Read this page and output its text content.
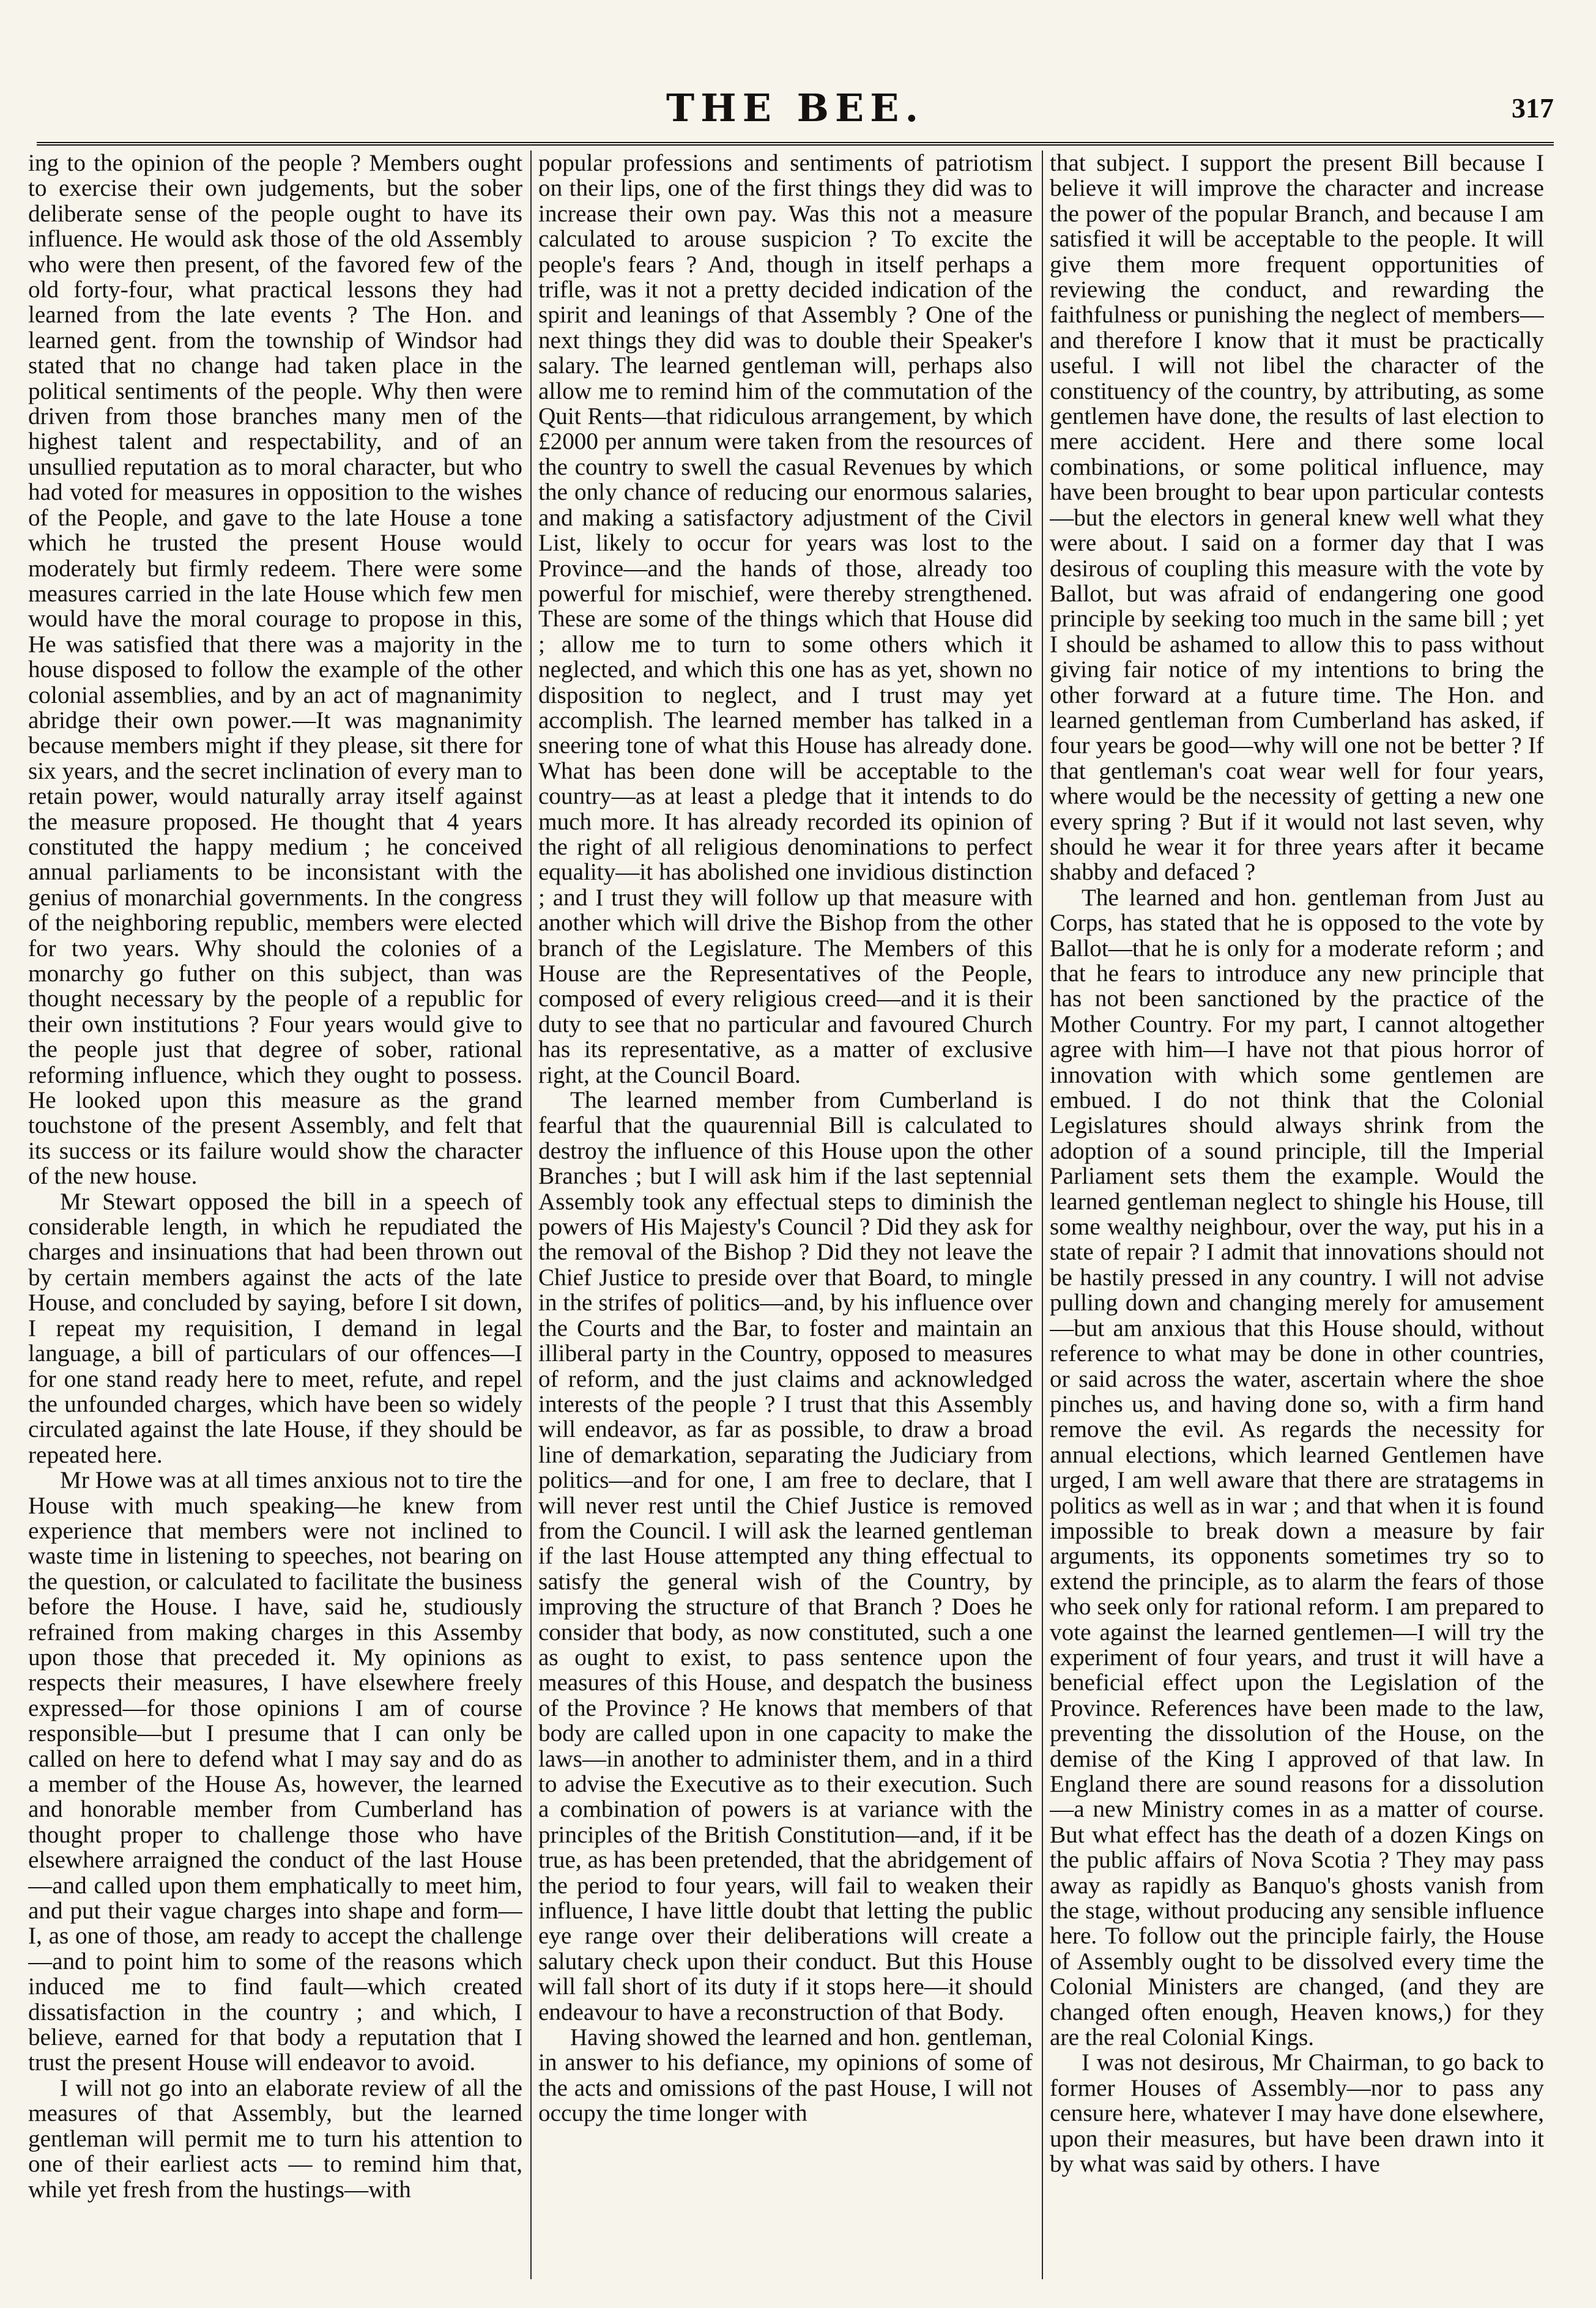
THE BEE.	317

ing to the opinion of the people ? Members ought to exercise their own judgements, but the sober deliberate sense of the people ought to have its influence. He would ask those of the old Assembly who were then present, of the favored few of the old forty-four, what practical lessons they had learned from the late events ? The Hon. and learned gent. from the township of Windsor had stated that no change had taken place in the political sentiments of the people. Why then were driven from those branches many men of the highest talent and respectability, and of an unsullied reputation as to moral character, but who had voted for measures in opposition to the wishes of the People, and gave to the late House a tone which he trusted the present House would moderately but firmly redeem. There were some measures carried in the late House which few men would have the moral courage to propose in this, He was satisfied that there was a majority in the house disposed to follow the example of the other colonial assemblies, and by an act of magnanimity abridge their own power.—It was magnanimity because members might if they please, sit there for six years, and the secret inclination of every man to retain power, would naturally array itself against the measure proposed. He thought that 4 years constituted the happy medium ; he conceived annual parliaments to be inconsistant with the genius of monarchial governments. In the congress of the neighboring republic, members were elected for two years. Why should the colonies of a monarchy go futher on this subject, than was thought necessary by the people of a republic for their own institutions ? Four years would give to the people just that degree of sober, rational reforming influence, which they ought to possess. He looked upon this measure as the grand touchstone of the present Assembly, and felt that its success or its failure would show the character of the new house.

Mr Stewart opposed the bill in a speech of considerable length, in which he repudiated the charges and insinuations that had been thrown out by certain members against the acts of the late House, and concluded by saying, before I sit down, I repeat my requisition, I demand in legal language, a bill of particulars of our offences—I for one stand ready here to meet, refute, and repel the unfounded charges, which have been so widely circulated against the late House, if they should be repeated here.

Mr Howe was at all times anxious not to tire the House with much speaking—he knew from experience that members were not inclined to waste time in listening to speeches, not bearing on the question, or calculated to facilitate the business before the House. I have, said he, studiously refrained from making charges in this Assemby upon those that preceded it. My opinions as respects their measures, I have elsewhere freely expressed—for those opinions I am of course responsible—but I presume that I can only be called on here to defend what I may say and do as a member of the House As, however, the learned and honorable member from Cumberland has thought proper to challenge those who have elsewhere arraigned the conduct of the last House—and called upon them emphatically to meet him, and put their vague charges into shape and form—I, as one of those, am ready to accept the challenge—and to point him to some of the reasons which induced me to find fault—which created dissatisfaction in the country ; and which, I believe, earned for that body a reputation that I trust the present House will endeavor to avoid.

I will not go into an elaborate review of all the measures of that Assembly, but the learned gentleman will permit me to turn his attention to one of their earliest acts — to remind him that, while yet fresh from the hustings—with

popular professions and sentiments of patriotism on their lips, one of the first things they did was to increase their own pay. Was this not a measure calculated to arouse suspicion ? To excite the people's fears ? And, though in itself perhaps a trifle, was it not a pretty decided indication of the spirit and leanings of that Assembly ? One of the next things they did was to double their Speaker's salary. The learned gentleman will, perhaps also allow me to remind him of the commutation of the Quit Rents—that ridiculous arrangement, by which £2000 per annum were taken from the resources of the country to swell the casual Revenues by which the only chance of reducing our enormous salaries, and making a satisfactory adjustment of the Civil List, likely to occur for years was lost to the Province—and the hands of those, already too powerful for mischief, were thereby strengthened. These are some of the things which that House did ; allow me to turn to some others which it neglected, and which this one has as yet, shown no disposition to neglect, and I trust may yet accomplish. The learned member has talked in a sneering tone of what this House has already done. What has been done will be acceptable to the country—as at least a pledge that it intends to do much more. It has already recorded its opinion of the right of all religious denominations to perfect equality—it has abolished one invidious distinction ; and I trust they will follow up that measure with another which will drive the Bishop from the other branch of the Legislature. The Members of this House are the Representatives of the People, composed of every religious creed—and it is their duty to see that no particular and favoured Church has its representative, as a matter of exclusive right, at the Council Board.

The learned member from Cumberland is fearful that the quaurennial Bill is calculated to destroy the influence of this House upon the other Branches ; but I will ask him if the last septennial Assembly took any effectual steps to diminish the powers of His Majesty's Council ? Did they ask for the removal of the Bishop ? Did they not leave the Chief Justice to preside over that Board, to mingle in the strifes of politics—and, by his influence over the Courts and the Bar, to foster and maintain an illiberal party in the Country, opposed to measures of reform, and the just claims and acknowledged interests of the people ? I trust that this Assembly will endeavor, as far as possible, to draw a broad line of demarkation, separating the Judiciary from politics—and for one, I am free to declare, that I will never rest until the Chief Justice is removed from the Council. I will ask the learned gentleman if the last House attempted any thing effectual to satisfy the general wish of the Country, by improving the structure of that Branch ? Does he consider that body, as now constituted, such a one as ought to exist, to pass sentence upon the measures of this House, and despatch the business of the Province ? He knows that members of that body are called upon in one capacity to make the laws—in another to administer them, and in a third to advise the Executive as to their execution. Such a combination of powers is at variance with the principles of the British Constitution—and, if it be true, as has been pretended, that the abridgement of the period to four years, will fail to weaken their influence, I have little doubt that letting the public eye range over their deliberations will create a salutary check upon their conduct. But this House will fall short of its duty if it stops here—it should endeavour to have a reconstruction of that Body.

Having showed the learned and hon. gentleman, in answer to his defiance, my opinions of some of the acts and omissions of the past House, I will not occupy the time longer with

that subject. I support the present Bill because I believe it will improve the character and increase the power of the popular Branch, and because I am satisfied it will be acceptable to the people. It will give them more frequent opportunities of reviewing the conduct, and rewarding the faithfulness or punishing the neglect of members—and therefore I know that it must be practically useful. I will not libel the character of the constituency of the country, by attributing, as some gentlemen have done, the results of last election to mere accident. Here and there some local combinations, or some political influence, may have been brought to bear upon particular contests—but the electors in general knew well what they were about. I said on a former day that I was desirous of coupling this measure with the vote by Ballot, but was afraid of endangering one good principle by seeking too much in the same bill ; yet I should be ashamed to allow this to pass without giving fair notice of my intentions to bring the other forward at a future time. The Hon. and learned gentleman from Cumberland has asked, if four years be good—why will one not be better ? If that gentleman's coat wear well for four years, where would be the necessity of getting a new one every spring ? But if it would not last seven, why should he wear it for three years after it became shabby and defaced ?

The learned and hon. gentleman from Just au Corps, has stated that he is opposed to the vote by Ballot—that he is only for a moderate reform ; and that he fears to introduce any new principle that has not been sanctioned by the practice of the Mother Country. For my part, I cannot altogether agree with him—I have not that pious horror of innovation with which some gentlemen are embued. I do not think that the Colonial Legislatures should always shrink from the adoption of a sound principle, till the Imperial Parliament sets them the example. Would the learned gentleman neglect to shingle his House, till some wealthy neighbour, over the way, put his in a state of repair ? I admit that innovations should not be hastily pressed in any country. I will not advise pulling down and changing merely for amusement—but am anxious that this House should, without reference to what may be done in other countries, or said across the water, ascertain where the shoe pinches us, and having done so, with a firm hand remove the evil. As regards the necessity for annual elections, which learned Gentlemen have urged, I am well aware that there are stratagems in politics as well as in war ; and that when it is found impossible to break down a measure by fair arguments, its opponents sometimes try so to extend the principle, as to alarm the fears of those who seek only for rational reform. I am prepared to vote against the learned gentlemen—I will try the experiment of four years, and trust it will have a beneficial effect upon the Legislation of the Province. References have been made to the law, preventing the dissolution of the House, on the demise of the King I approved of that law. In England there are sound reasons for a dissolution—a new Ministry comes in as a matter of course. But what effect has the death of a dozen Kings on the public affairs of Nova Scotia ? They may pass away as rapidly as Banquo's ghosts vanish from the stage, without producing any sensible influence here. To follow out the principle fairly, the House of Assembly ought to be dissolved every time the Colonial Ministers are changed, (and they are changed often enough, Heaven knows,) for they are the real Colonial Kings.

I was not desirous, Mr Chairman, to go back to former Houses of Assembly—nor to pass any censure here, whatever I may have done elsewhere, upon their measures, but have been drawn into it by what was said by others. I have
